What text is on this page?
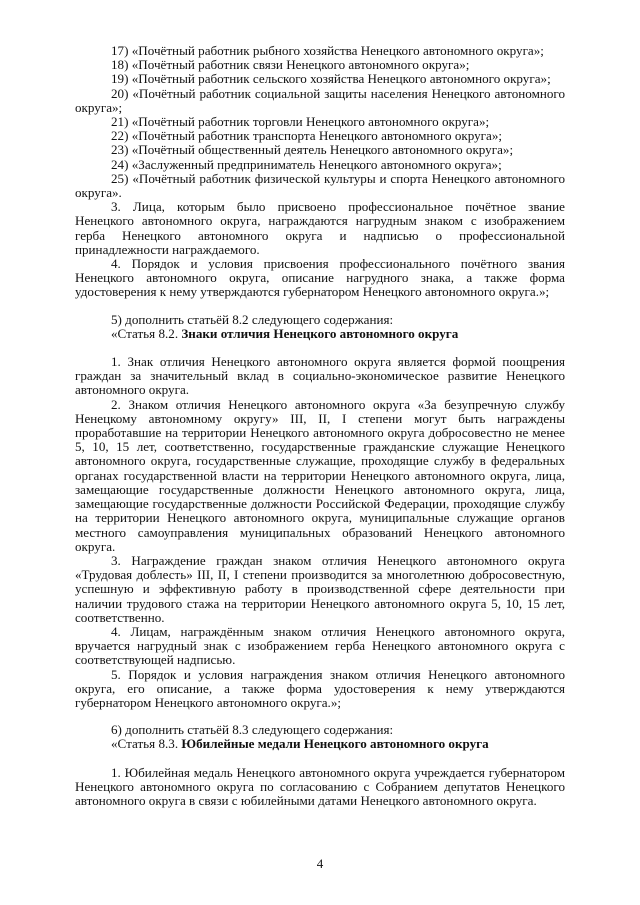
17) «Почётный работник рыбного хозяйства Ненецкого автономного округа»;

18) «Почётный работник связи Ненецкого автономного округа»;

19) «Почётный работник сельского хозяйства Ненецкого автономного округа»;

20) «Почётный работник социальной защиты населения Ненецкого автономного округа»;

21) «Почётный работник торговли Ненецкого автономного округа»;

22) «Почётный работник транспорта Ненецкого автономного округа»;

23) «Почётный общественный деятель Ненецкого автономного округа»;

24) «Заслуженный предприниматель Ненецкого автономного округа»;

25) «Почётный работник физической культуры и спорта Ненецкого автономного округа».

3. Лица, которым было присвоено профессиональное почётное звание Ненецкого автономного округа, награждаются нагрудным знаком с изображением герба Ненецкого автономного округа и надписью о профессиональной принадлежности награждаемого.

4. Порядок и условия присвоения профессионального почётного звания Ненецкого автономного округа, описание нагрудного знака, а также форма удостоверения к нему утверждаются губернатором Ненецкого автономного округа.»;

5) дополнить статьёй 8.2 следующего содержания:

«Статья 8.2. Знаки отличия Ненецкого автономного округа

1. Знак отличия Ненецкого автономного округа является формой поощрения граждан за значительный вклад в социально-экономическое развитие Ненецкого автономного округа.

2. Знаком отличия Ненецкого автономного округа «За безупречную службу Ненецкому автономному округу» III, II, I степени могут быть награждены проработавшие на территории Ненецкого автономного округа добросовестно не менее 5, 10, 15 лет, соответственно, государственные гражданские служащие Ненецкого автономного округа, государственные служащие, проходящие службу в федеральных органах государственной власти на территории Ненецкого автономного округа, лица, замещающие государственные должности Ненецкого автономного округа, лица, замещающие государственные должности Российской Федерации, проходящие службу на территории Ненецкого автономного округа, муниципальные служащие органов местного самоуправления муниципальных образований Ненецкого автономного округа.

3. Награждение граждан знаком отличия Ненецкого автономного округа «Трудовая доблесть» III, II, I степени производится за многолетнюю добросовестную, успешную и эффективную работу в производственной сфере деятельности при наличии трудового стажа на территории Ненецкого автономного округа 5, 10, 15 лет, соответственно.

4. Лицам, награждённым знаком отличия Ненецкого автономного округа, вручается нагрудный знак с изображением герба Ненецкого автономного округа с соответствующей надписью.

5. Порядок и условия награждения знаком отличия Ненецкого автономного округа, его описание, а также форма удостоверения к нему утверждаются губернатором Ненецкого автономного округа.»;

6) дополнить статьёй 8.3 следующего содержания:

«Статья 8.3. Юбилейные медали Ненецкого автономного округа

1. Юбилейная медаль Ненецкого автономного округа учреждается губернатором Ненецкого автономного округа по согласованию с Собранием депутатов Ненецкого автономного округа в связи с юбилейными датами Ненецкого автономного округа.

4
